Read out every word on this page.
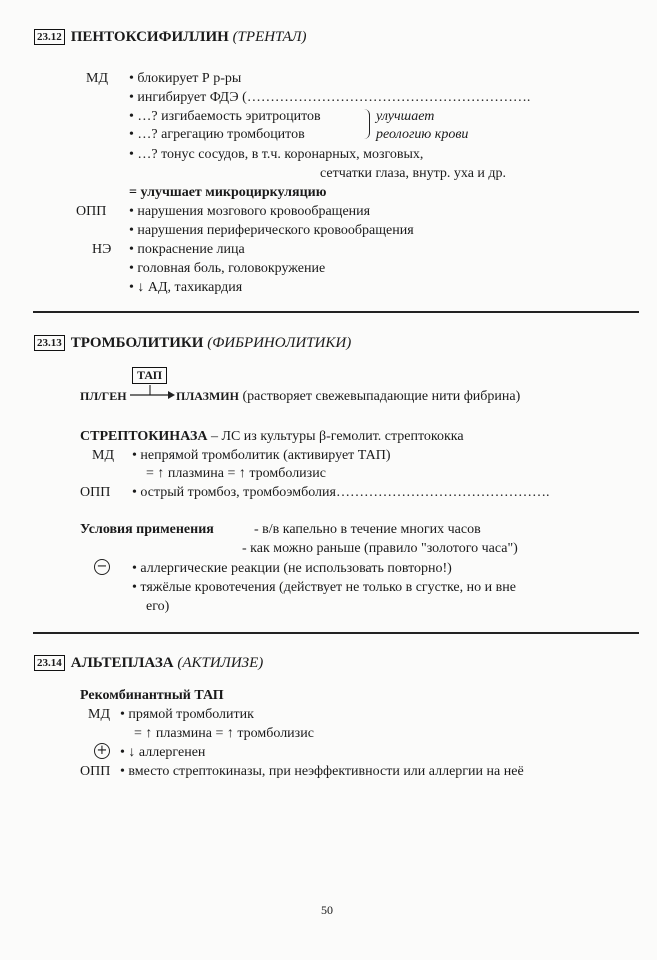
23.12 ПЕНТОКСИФИЛЛИН (ТРЕНТАЛ)
МД • блокирует Р р-ры
• ингибирует ФДЭ (…………………………………………………….
• …? изгибаемость эритроцитов
• …? агрегацию тромбоцитов
улучшает
реологию крови
• …? тонус сосудов, в т.ч. коронарных, мозговых,
сетчатки глаза, внутр. уха и др.
= улучшает микроциркуляцию
ОПП • нарушения мозгового кровообращения
• нарушения периферического кровообращения
НЭ • покраснение лица
• головная боль, головокружение
• ↓ АД, тахикардия
23.13 ТРОМБОЛИТИКИ (ФИБРИНОЛИТИКИ)
ТАП
ПЛ/ГЕН	ПЛАЗМИН (растворяет свежевыпадающие нити фибрина)
СТРЕПТОКИНАЗА – ЛС из культуры β-гемолит. стрептококка
МД • непрямой тромболитик (активирует ТАП)
= ↑ плазмина = ↑ тромболизис
ОПП • острый тромбоз, тромбоэмболия……………………………………….
Условия применения	- в/в капельно в течение многих часов
- как можно раньше (правило "золотого часа")
− • аллергические реакции (не использовать повторно!)
• тяжёлые кровотечения (действует не только в сгустке, но и вне
его)
23.14 АЛЬТЕПЛАЗА (АКТИЛИЗЕ)
Рекомбинантный ТАП
МД • прямой тромболитик
= ↑ плазмина = ↑ тромболизис
+ • ↓ аллергенен
ОПП • вместо стрептокиназы, при неэффективности или аллергии на неё
50
